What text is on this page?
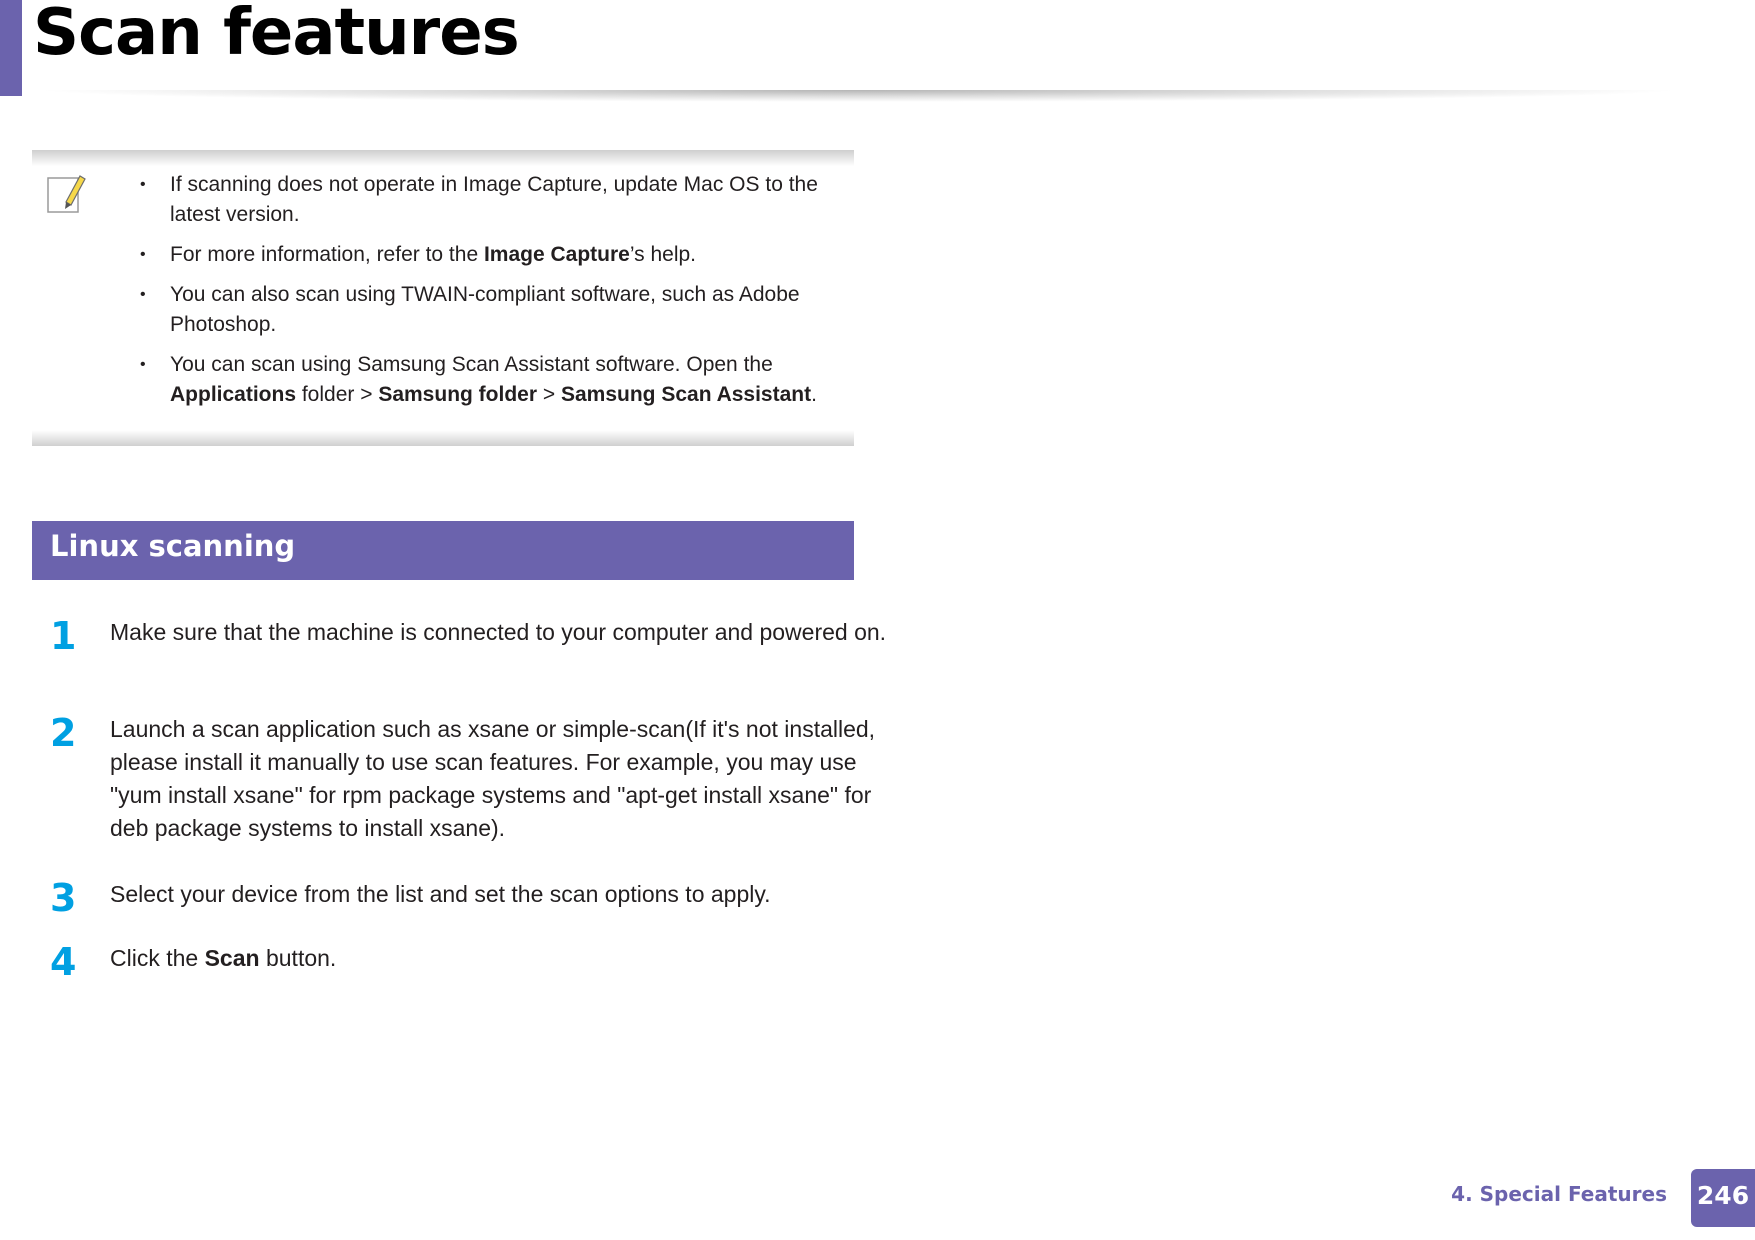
Scan features
• If scanning does not operate in Image Capture, update Mac OS to the latest version.
• For more information, refer to the Image Capture’s help.
• You can also scan using TWAIN-compliant software, such as Adobe Photoshop.
• You can scan using Samsung Scan Assistant software. Open the Applications folder > Samsung folder > Samsung Scan Assistant.
Linux scanning
1 Make sure that the machine is connected to your computer and powered on.
2 Launch a scan application such as xsane or simple-scan(If it's not installed, please install it manually to use scan features. For example, you may use "yum install xsane" for rpm package systems and "apt-get install xsane" for deb package systems to install xsane).
3 Select your device from the list and set the scan options to apply.
4 Click the Scan button.
4. Special Features 246
